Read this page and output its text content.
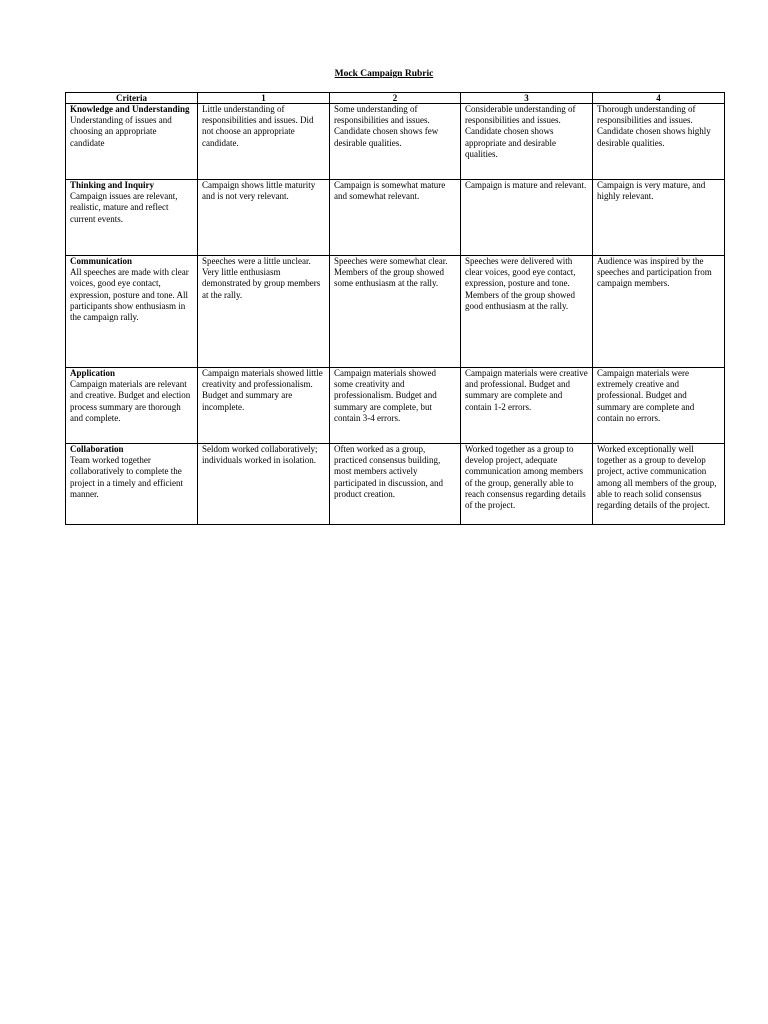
Mock Campaign Rubric
Criteria	1	2	3	4

Knowledge and Understanding
Understanding of issues and choosing an appropriate candidate	Little understanding of responsibilities and issues. Did not choose an appropriate candidate.	Some understanding of responsibilities and issues. Candidate chosen shows few desirable qualities.	Considerable understanding of responsibilities and issues. Candidate chosen shows appropriate and desirable qualities.	Thorough understanding of responsibilities and issues. Candidate chosen shows highly desirable qualities.

Thinking and Inquiry
Campaign issues are relevant, realistic, mature and reflect current events.	Campaign shows little maturity and is not very relevant.	Campaign is somewhat mature and somewhat relevant.	Campaign is mature and relevant.	Campaign is very mature, and highly relevant.

Communication
All speeches are made with clear voices, good eye contact, expression, posture and tone. All participants show enthusiasm in the campaign rally.	Speeches were a little unclear. Very little enthusiasm demonstrated by group members at the rally.	Speeches were somewhat clear. Members of the group showed some enthusiasm at the rally.	Speeches were delivered with clear voices, good eye contact, expression, posture and tone. Members of the group showed good enthusiasm at the rally.	Audience was inspired by the speeches and participation from campaign members.

Application
Campaign materials are relevant and creative. Budget and election process summary are thorough and complete.	Campaign materials showed little creativity and professionalism. Budget and summary are incomplete.	Campaign materials showed some creativity and professionalism. Budget and summary are complete, but contain 3-4 errors.	Campaign materials were creative and professional. Budget and summary are complete and contain 1-2 errors.	Campaign materials were extremely creative and professional. Budget and summary are complete and contain no errors.

Collaboration
Team worked together collaboratively to complete the project in a timely and efficient manner.	Seldom worked collaboratively; individuals worked in isolation.	Often worked as a group, practiced consensus building, most members actively participated in discussion, and product creation.	Worked together as a group to develop project, adequate communication among members of the group, generally able to reach consensus regarding details of the project.	Worked exceptionally well together as a group to develop project, active communication among all members of the group, able to reach solid consensus regarding details of the project.
